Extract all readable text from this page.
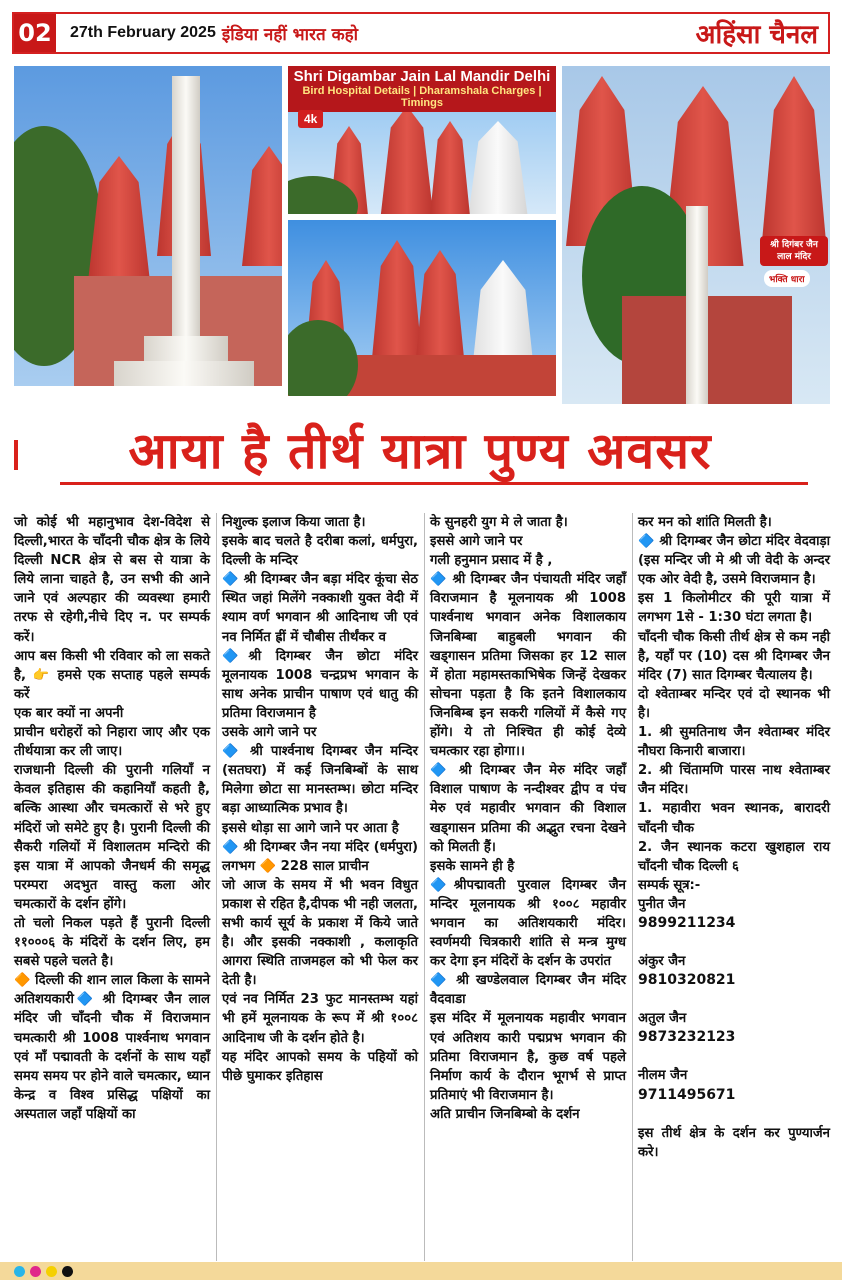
02 27th February 2025 इंडिया नहीं भारत कहो	अहिंसा चैनल
Shri Digambar Jain Lal Mandir Delhi
Bird Hospital Details | Dharamshala Charges | Timings
4k
श्री दिगंबर जैन लाल मंदिर
भक्ति धारा
आया है तीर्थ यात्रा पुण्य अवसर

जो कोई भी महानुभाव देश-विदेश से दिल्ली,भारत के चाँदनी चौक क्षेत्र के लिये दिल्ली NCR क्षेत्र से बस से यात्रा के लिये लाना चाहते है, उन सभी की आने जाने एवं अल्पहार की व्यवस्था हमारी तरफ से रहेगी,नीचे दिए न. पर सम्पर्क करें।

आप बस किसी भी रविवार को ला सकते है, 👉 हमसे एक सप्ताह पहले सम्पर्क करें

एक बार क्यों ना अपनी

प्राचीन धरोहरों को निहारा जाए और एक तीर्थयात्रा कर ली जाए।

राजधानी दिल्ली की पुरानी गलियाँ न केवल इतिहास की कहानियाँ कहती है, बल्कि आस्था और चमत्कारों से भरे हुए मंदिरों जो समेटे हुए है। पुरानी दिल्ली की सैकरी गलियों में विशालतम मन्दिरो की इस यात्रा में आपको जैनधर्म की समृद्ध परम्परा अदभुत वास्तु कला ओर चमत्कारों के दर्शन होंगे।

तो चलो निकल पड़ते हैं पुरानी दिल्ली ११०००६ के मंदिरों के दर्शन लिए, हम सबसे पहले चलते है।

🔶 दिल्ली की शान लाल किला के सामने अतिशयकारी🔷 श्री दिगम्बर जैन लाल मंदिर जी चाँदनी चौक में विराजमान चमत्कारी श्री 1008 पार्श्वनाथ भगवान एवं माँ पद्मावती के दर्शनों के साथ यहाँ समय समय पर होने वाले चमत्कार, ध्यान केन्द्र व विश्व प्रसिद्ध पक्षियों का अस्पताल जहाँ पक्षियों का

निशुल्क इलाज किया जाता है।

इसके बाद चलते है दरीबा कलां, धर्मपुरा, दिल्ली के मन्दिर

🔷 श्री दिगम्बर जैन बड़ा मंदिर कूंचा सेठ स्थित जहां मिलेंगे नक्काशी युक्त वेदी में श्याम वर्ण भगवान श्री आदिनाथ जी एवं नव निर्मित ह्रीं में चौबीस तीर्थंकर व

🔷श्री दिगम्बर जैन छोटा मंदिर मूलनायक 1008 चन्द्रप्रभ भगवान के साथ अनेक प्राचीन पाषाण एवं धातु की प्रतिमा विराजमान है

उसके आगे जाने पर

🔷 श्री पार्श्वनाथ दिगम्बर जैन मन्दिर (सतघरा) में कई जिनबिम्बों के साथ मिलेगा छोटा सा मानस्तम्भ। छोटा मन्दिर बड़ा आध्यात्मिक प्रभाव है।

इससे थोड़ा सा आगे जाने पर आता है

🔷 श्री दिगम्बर जैन नया मंदिर (धर्मपुरा) लगभग 🔶 228 साल प्राचीन

जो आज के समय में भी भवन विधुत प्रकाश से रहित है,दीपक भी नही जलता, सभी कार्य सूर्य के प्रकाश में किये जाते है। और इसकी नक्काशी , कलाकृति आगरा स्थिति ताजमहल को भी फेल कर देती है।

एवं नव निर्मित 23 फुट मानस्तम्भ यहां भी हमें मूलनायक के रूप में श्री १००८ आदिनाथ जी के दर्शन होते है।

यह मंदिर आपको समय के पहियों को पीछे घुमाकर इतिहास

के सुनहरी युग मे ले जाता है।

इससे आगे जाने पर

गली हनुमान प्रसाद में है ,

🔷 श्री दिगम्बर जैन पंचायती मंदिर जहाँ विराजमान है मूलनायक श्री 1008 पार्श्वनाथ भगवान अनेक विशालकाय जिनबिम्बा बाहुबली भगवान की खड्गासन प्रतिमा जिसका हर 12 साल में होता महामस्तकाभिषेक जिन्हें देखकर सोचना पड़ता है कि इतने विशालकाय जिनबिम्ब इन सकरी गलियों में कैसे गए होंगे। ये तो निश्चित ही कोई देव्ये चमत्कार रहा होगा।।

🔷 श्री दिगम्बर जैन मेरु मंदिर जहाँ विशाल पाषाण के नन्दीश्वर द्वीप व पंच मेरु एवं महावीर भगवान की विशाल खड्गासन प्रतिमा की अद्भुत रचना देखने को मिलती हैं।

इसके सामने ही है

🔷श्रीपद्मावती पुरवाल दिगम्बर जैन मन्दिर मूलनायक श्री १००८ महावीर भगवान का अतिशयकारी मंदिर। स्वर्णमयी चित्रकारी शांति से मन्त्र मुग्ध कर देगा इन मंदिरों के दर्शन के उपरांत

🔷 श्री खण्डेलवाल दिगम्बर जैन मंदिर वैदवाडा

इस मंदिर में मूलनायक महावीर भगवान एवं अतिशय कारी पद्मप्रभ भगवान की प्रतिमा विराजमान है, कुछ वर्ष पहले निर्माण कार्य के दौरान भूगर्भ से प्राप्त प्रतिमाएं भी विराजमान है।

अति प्राचीन जिनबिम्बो के दर्शन

कर मन को शांति मिलती है।

🔷 श्री दिगम्बर जैन छोटा मंदिर वेदवाड़ा (इस मन्दिर जी मे श्री जी वेदी के अन्दर एक ओर वेदी है, उसमे विराजमान है।

इस 1 किलोमीटर की पूरी यात्रा में लगभग 1से - 1:30 घंटा लगता है।

चाँदनी चौक किसी तीर्थ क्षेत्र से कम नही है, यहाँ पर (10) दस श्री दिगम्बर जैन मंदिर (7) सात दिगम्बर चैत्यालय है।

दो श्वेताम्बर मन्दिर एवं दो स्थानक भी है।

1. श्री सुमतिनाथ जैन श्वेताम्बर मंदिर नौघरा किनारी बाजारा।

2. श्री चिंतामणि पारस नाथ श्वेताम्बर जैन मंदिर।

1. महावीरा भवन स्थानक, बारादरी चाँदनी चौक

2. जैन स्थानक कटरा खुशहाल राय चाँदनी चौक दिल्ली ६

सम्पर्क सूत्र:-

पुनीत जैन

9899211234

अंकुर जैन

9810320821

अतुल जैन

9873232123

नीलम जैन

9711495671

इस तीर्थ क्षेत्र के दर्शन कर पुण्यार्जन करे।
